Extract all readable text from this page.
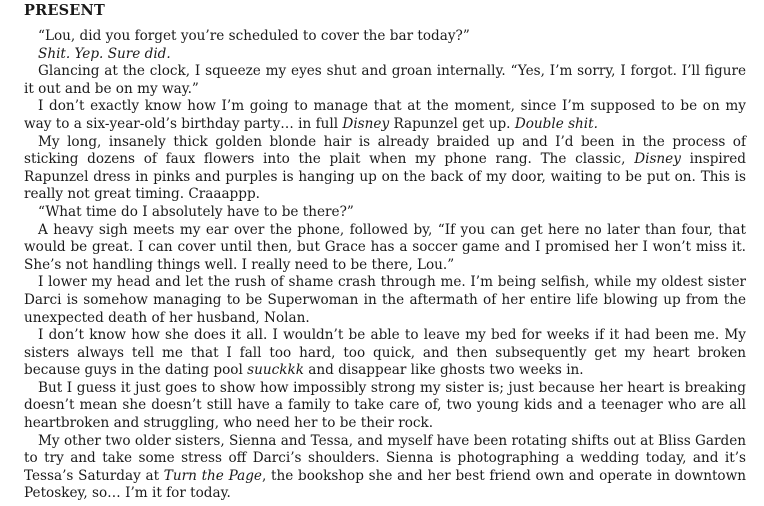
PRESENT

“Lou, did you forget you’re scheduled to cover the bar today?”

Shit. Yep. Sure did.

Glancing at the clock, I squeeze my eyes shut and groan internally. “Yes, I’m sorry, I forgot. I’ll figure it out and be on my way.”

I don’t exactly know how I’m going to manage that at the moment, since I’m supposed to be on my way to a six-year-old’s birthday party… in full Disney Rapunzel get up. Double shit.

My long, insanely thick golden blonde hair is already braided up and I’d been in the process of sticking dozens of faux flowers into the plait when my phone rang. The classic, Disney inspired Rapunzel dress in pinks and purples is hanging up on the back of my door, waiting to be put on. This is really not great timing. Craaappp.

“What time do I absolutely have to be there?”

A heavy sigh meets my ear over the phone, followed by, “If you can get here no later than four, that would be great. I can cover until then, but Grace has a soccer game and I promised her I won’t miss it. She’s not handling things well. I really need to be there, Lou.”

I lower my head and let the rush of shame crash through me. I’m being selfish, while my oldest sister Darci is somehow managing to be Superwoman in the aftermath of her entire life blowing up from the unexpected death of her husband, Nolan.

I don’t know how she does it all. I wouldn’t be able to leave my bed for weeks if it had been me. My sisters always tell me that I fall too hard, too quick, and then subsequently get my heart broken because guys in the dating pool suuckkk and disappear like ghosts two weeks in.

But I guess it just goes to show how impossibly strong my sister is; just because her heart is breaking doesn’t mean she doesn’t still have a family to take care of, two young kids and a teenager who are all heartbroken and struggling, who need her to be their rock.

My other two older sisters, Sienna and Tessa, and myself have been rotating shifts out at Bliss Garden to try and take some stress off Darci’s shoulders. Sienna is photographing a wedding today, and it’s Tessa’s Saturday at Turn the Page, the bookshop she and her best friend own and operate in downtown Petoskey, so… I’m it for today.
